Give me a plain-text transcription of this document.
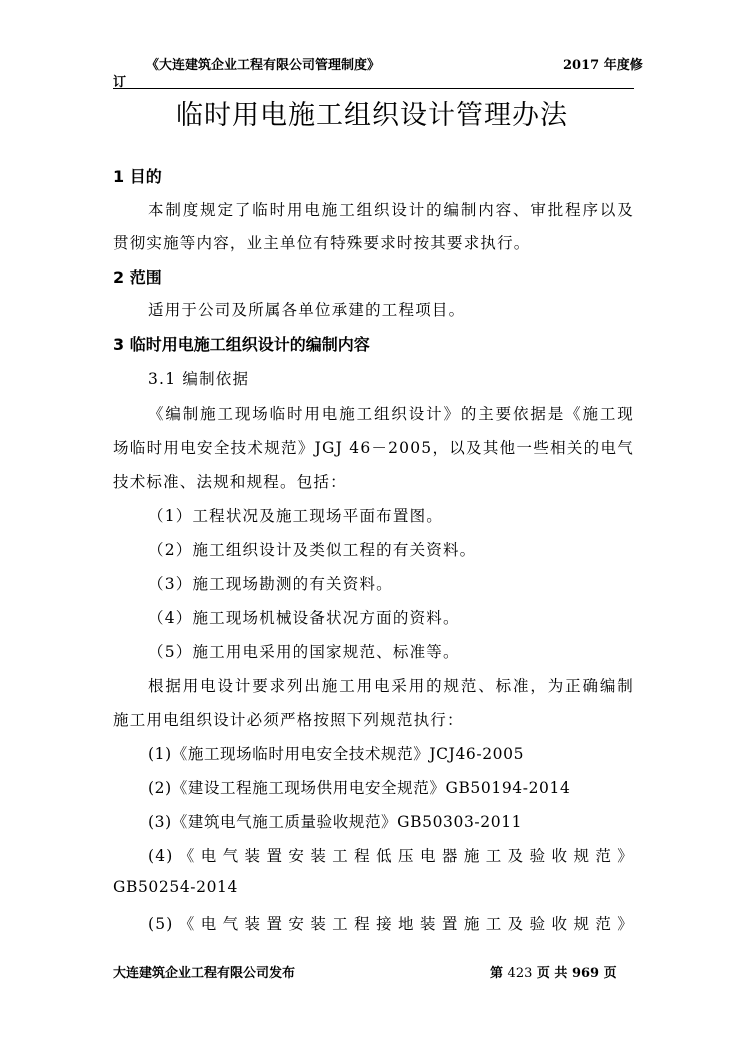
《大连建筑企业工程有限公司管理制度》	2017 年度修
订
临时用电施工组织设计管理办法
1 目的
本制度规定了临时用电施工组织设计的编制内容、审批程序以及
贯彻实施等内容，业主单位有特殊要求时按其要求执行。
2 范围
适用于公司及所属各单位承建的工程项目。
3 临时用电施工组织设计的编制内容
3.1 编制依据
《编制施工现场临时用电施工组织设计》的主要依据是《施工现
场临时用电安全技术规范》JGJ 46－2005，以及其他一些相关的电气
技术标准、法规和规程。包括：
（1）工程状况及施工现场平面布置图。
（2）施工组织设计及类似工程的有关资料。
（3）施工现场勘测的有关资料。
（4）施工现场机械设备状况方面的资料。
（5）施工用电采用的国家规范、标准等。
根据用电设计要求列出施工用电采用的规范、标准，为正确编制
施工用电组织设计必须严格按照下列规范执行：
(1)《施工现场临时用电安全技术规范》JCJ46-2005
(2)《建设工程施工现场供用电安全规范》GB50194-2014
(3)《建筑电气施工质量验收规范》GB50303-2011
(4)《电气装置安装工程低压电器施工及验收规范》
GB50254-2014
(5)《电气装置安装工程接地装置施工及验收规范》
大连建筑企业工程有限公司发布	第 423 页 共 969 页
